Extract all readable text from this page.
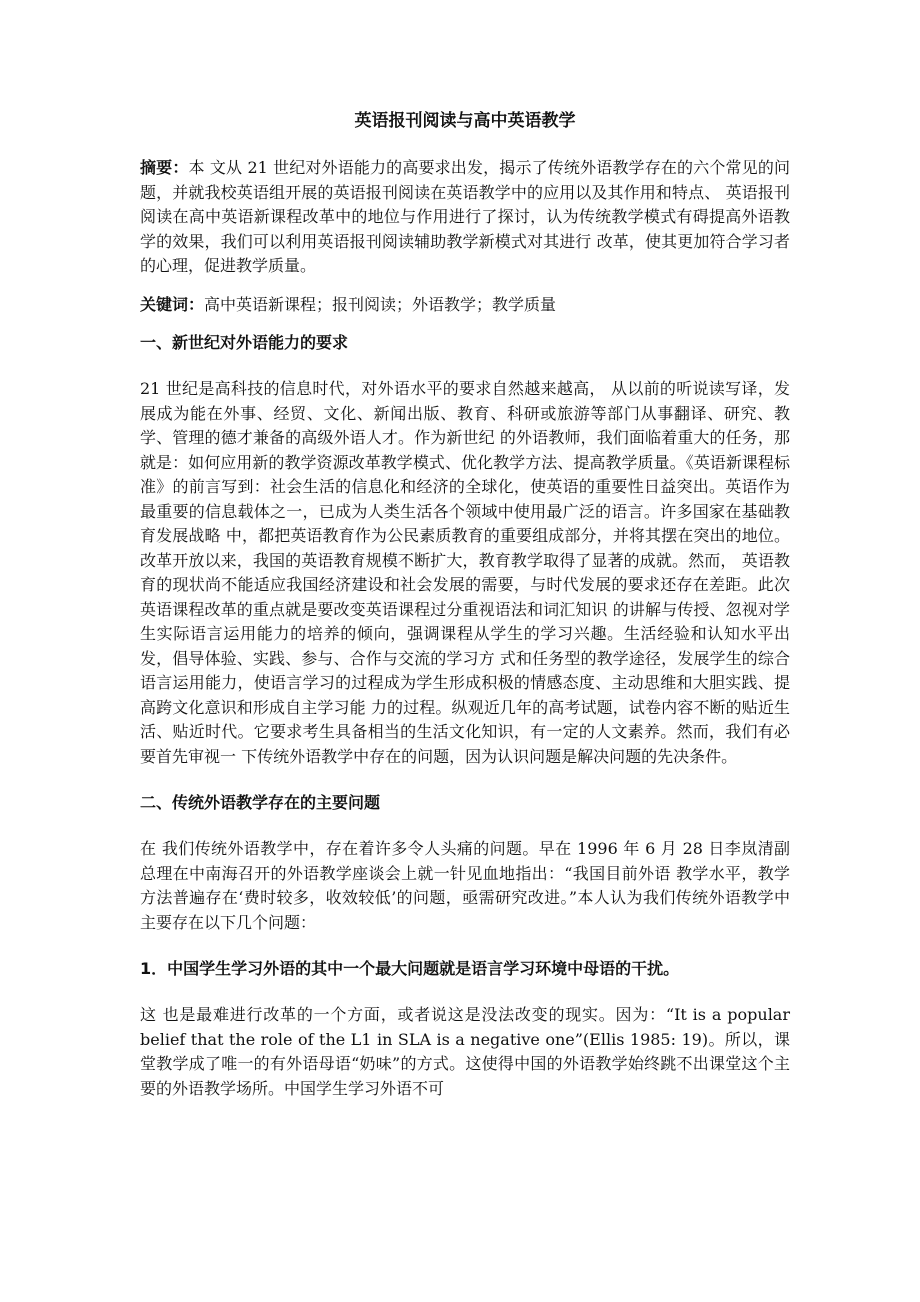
英语报刊阅读与高中英语教学

摘要：本 文从 21 世纪对外语能力的高要求出发，揭示了传统外语教学存在的六个常见的问题，并就我校英语组开展的英语报刊阅读在英语教学中的应用以及其作用和特点、 英语报刊阅读在高中英语新课程改革中的地位与作用进行了探讨，认为传统教学模式有碍提高外语教学的效果，我们可以利用英语报刊阅读辅助教学新模式对其进行 改革，使其更加符合学习者的心理，促进教学质量。

关键词：高中英语新课程；报刊阅读；外语教学；教学质量

一、新世纪对外语能力的要求

21 世纪是高科技的信息时代，对外语水平的要求自然越来越高， 从以前的听说读写译，发展成为能在外事、经贸、文化、新闻出版、教育、科研或旅游等部门从事翻译、研究、教学、管理的德才兼备的高级外语人才。作为新世纪 的外语教师，我们面临着重大的任务，那就是：如何应用新的教学资源改革教学模式、优化教学方法、提高教学质量。《英语新课程标准》的前言写到：社会生活的信息化和经济的全球化，使英语的重要性日益突出。英语作为最重要的信息载体之一，已成为人类生活各个领域中使用最广泛的语言。许多国家在基础教育发展战略 中，都把英语教育作为公民素质教育的重要组成部分，并将其摆在突出的地位。改革开放以来，我国的英语教育规模不断扩大，教育教学取得了显著的成就。然而， 英语教育的现状尚不能适应我国经济建设和社会发展的需要，与时代发展的要求还存在差距。此次英语课程改革的重点就是要改变英语课程过分重视语法和词汇知识 的讲解与传授、忽视对学生实际语言运用能力的培养的倾向，强调课程从学生的学习兴趣。生活经验和认知水平出发，倡导体验、实践、参与、合作与交流的学习方 式和任务型的教学途径，发展学生的综合语言运用能力，使语言学习的过程成为学生形成积极的情感态度、主动思维和大胆实践、提高跨文化意识和形成自主学习能 力的过程。纵观近几年的高考试题，试卷内容不断的贴近生活、贴近时代。它要求考生具备相当的生活文化知识，有一定的人文素养。然而，我们有必要首先审视一 下传统外语教学中存在的问题，因为认识问题是解决问题的先决条件。

二、传统外语教学存在的主要问题

在 我们传统外语教学中，存在着许多令人头痛的问题。早在 1996 年 6 月 28 日李岚清副总理在中南海召开的外语教学座谈会上就一针见血地指出：“我国目前外语 教学水平，教学方法普遍存在‘费时较多，收效较低’的问题，亟需研究改进。”本人认为我们传统外语教学中主要存在以下几个问题：

1．中国学生学习外语的其中一个最大问题就是语言学习环境中母语的干扰。

这 也是最难进行改革的一个方面，或者说这是没法改变的现实。因为：“It is a popular belief that the role of the L1 in SLA is a negative one”(Ellis 1985: 19)。所以，课堂教学成了唯一的有外语母语“奶味”的方式。这使得中国的外语教学始终跳不出课堂这个主要的外语教学场所。中国学生学习外语不可
